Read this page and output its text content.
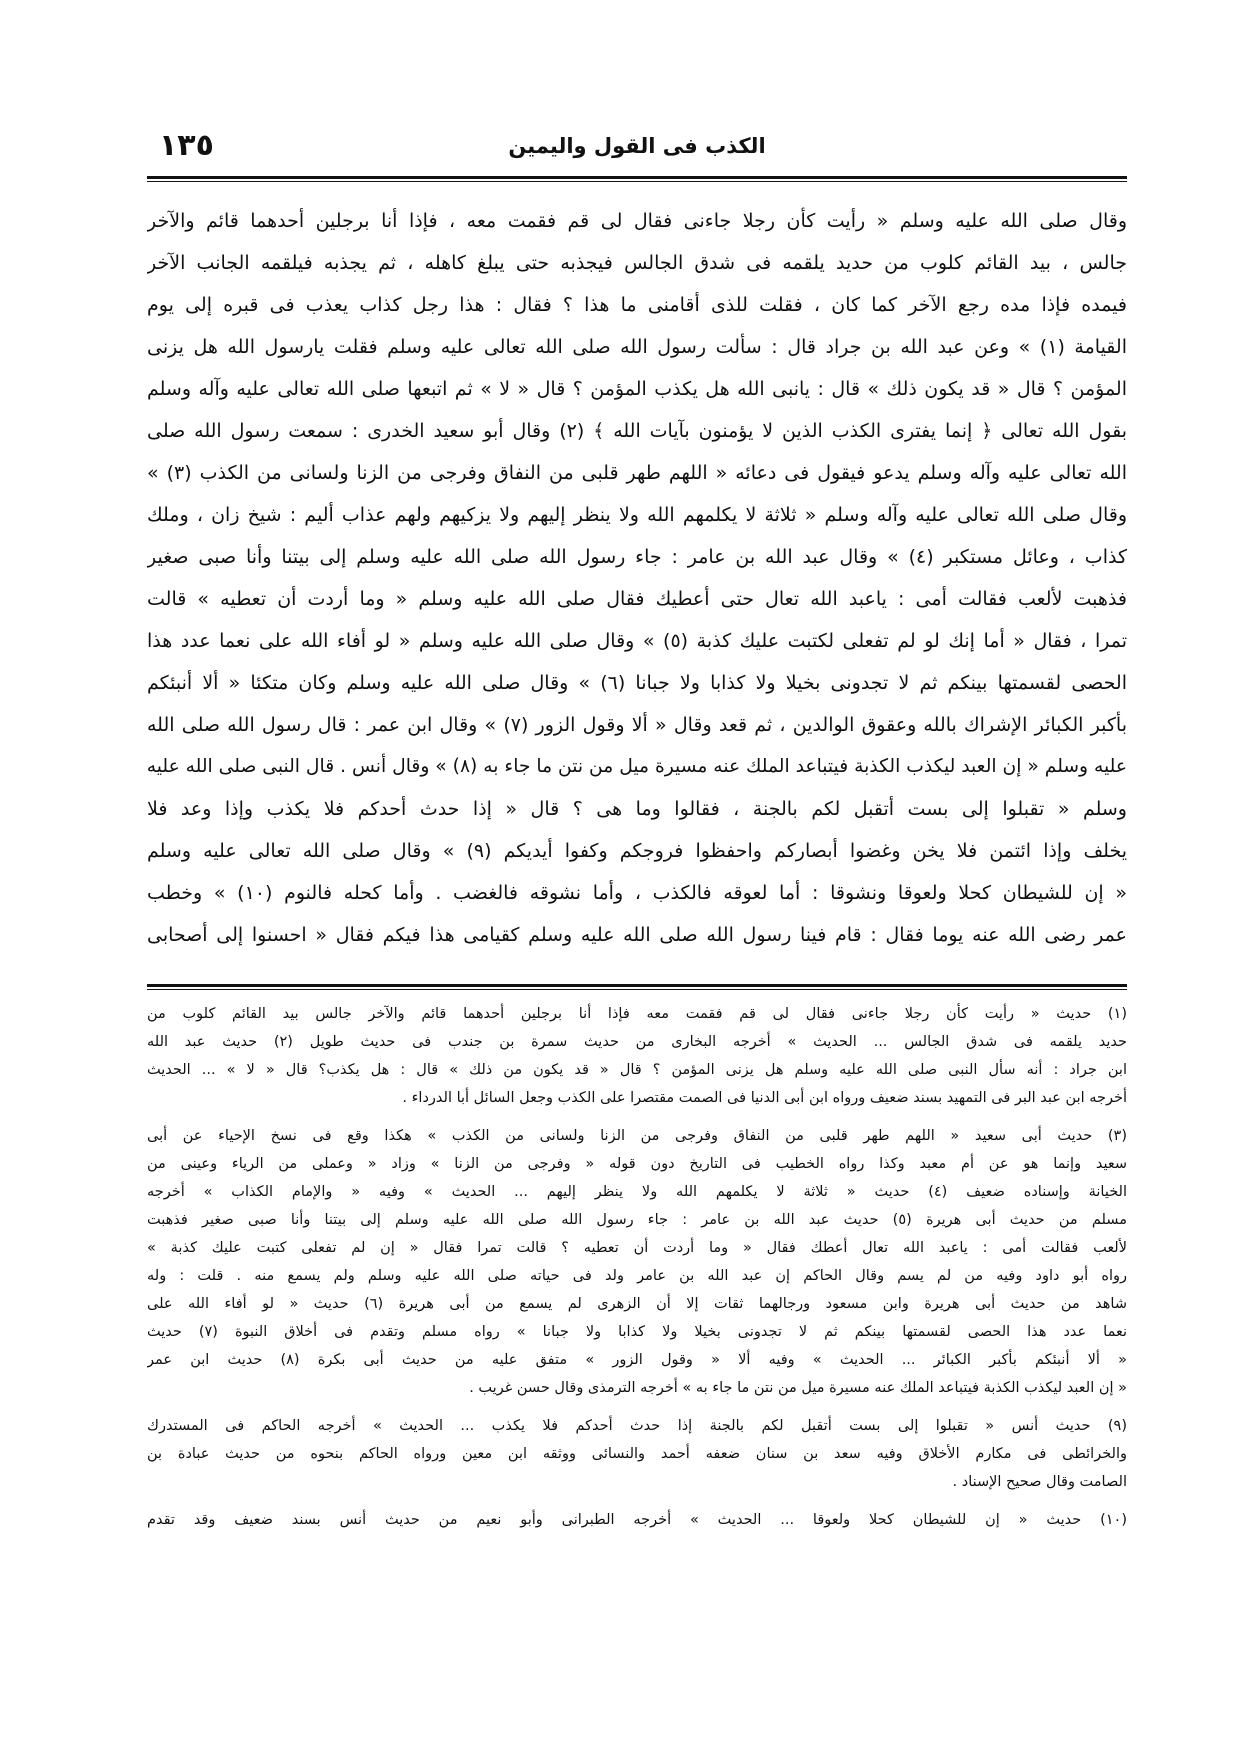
١٣٥	الكذب فى القول واليمين
وقال صلى الله عليه وسلم « رأيت كأن رجلا جاءنى فقال لى قم فقمت معه ، فإذا أنا برجلين أحدهما قائم والآخر
جالس ، بيد القائم كلوب من حديد يلقمه فى شدق الجالس فيجذبه حتى يبلغ كاهله ، ثم يجذبه فيلقمه الجانب الآخر
فيمده فإذا مده رجع الآخر كما كان ، فقلت للذى أقامنى ما هذا ؟ فقال : هذا رجل كذاب يعذب فى قبره إلى يوم
القيامة (١) » وعن عبد الله بن جراد قال : سألت رسول الله صلى الله تعالى عليه وسلم فقلت يارسول الله هل يزنى
المؤمن ؟ قال « قد يكون ذلك » قال : يانبى الله هل يكذب المؤمن ؟ قال « لا » ثم اتبعها صلى الله تعالى عليه وآله وسلم
بقول الله تعالى ﴿ إنما يفترى الكذب الذين لا يؤمنون بآيات الله ﴾ (٢) وقال أبو سعيد الخدرى : سمعت رسول الله صلى
الله تعالى عليه وآله وسلم يدعو فيقول فى دعائه « اللهم طهر قلبى من النفاق وفرجى من الزنا ولسانى من الكذب (٣) »
وقال صلى الله تعالى عليه وآله وسلم « ثلاثة لا يكلمهم الله ولا ينظر إليهم ولا يزكيهم ولهم عذاب أليم : شيخ زان ، وملك
كذاب ، وعائل مستكبر (٤) » وقال عبد الله بن عامر : جاء رسول الله صلى الله عليه وسلم إلى بيتنا وأنا صبى صغير
فذهبت لألعب فقالت أمى : ياعبد الله تعال حتى أعطيك فقال صلى الله عليه وسلم « وما أردت أن تعطيه » قالت
تمرا ، فقال « أما إنك لو لم تفعلى لكتبت عليك كذبة (٥) » وقال صلى الله عليه وسلم « لو أفاء الله على نعما عدد هذا
الحصى لقسمتها بينكم ثم لا تجدونى بخيلا ولا كذابا ولا جبانا (٦) » وقال صلى الله عليه وسلم وكان متكئا « ألا أنبئكم
بأكبر الكبائر الإشراك بالله وعقوق الوالدين ، ثم قعد وقال « ألا وقول الزور (٧) » وقال ابن عمر : قال رسول الله صلى الله
عليه وسلم « إن العبد ليكذب الكذبة فيتباعد الملك عنه مسيرة ميل من نتن ما جاء به (٨) » وقال أنس . قال النبى صلى الله عليه
وسلم « تقبلوا إلى بست أتقبل لكم بالجنة ، فقالوا وما هى ؟ قال « إذا حدث أحدكم فلا يكذب وإذا وعد فلا
يخلف وإذا ائتمن فلا يخن وغضوا أبصاركم واحفظوا فروجكم وكفوا أيديكم (٩) » وقال صلى الله تعالى عليه وسلم
« إن للشيطان كحلا ولعوقا ونشوقا : أما لعوقه فالكذب ، وأما نشوقه فالغضب . وأما كحله فالنوم (١٠) » وخطب
عمر رضى الله عنه يوما فقال : قام فينا رسول الله صلى الله عليه وسلم كقيامى هذا فيكم فقال « احسنوا إلى أصحابى
(١) حديث « رأيت كأن رجلا جاءنى فقال لى قم فقمت معه فإذا أنا برجلين أحدهما قائم والآخر جالس بيد القائم كلوب من
حديد يلقمه فى شدق الجالس ... الحديث » أخرجه البخارى من حديث سمرة بن جندب فى حديث طويل (٢) حديث عبد الله
ابن جراد : أنه سأل النبى صلى الله عليه وسلم هل يزنى المؤمن ؟ قال « قد يكون من ذلك » قال : هل يكذب؟ قال « لا » ... الحديث
أخرجه ابن عبد البر فى التمهيد بسند ضعيف ورواه ابن أبى الدنيا فى الصمت مقتصرا على الكذب وجعل السائل أبا الدرداء .
(٣) حديث أبى سعيد « اللهم طهر قلبى من النفاق وفرجى من الزنا ولسانى من الكذب » هكذا وقع فى نسخ الإحياء عن أبى
سعيد وإنما هو عن أم معبد وكذا رواه الخطيب فى التاريخ دون قوله « وفرجى من الزنا » وزاد « وعملى من الرياء وعينى من
الخيانة وإسناده ضعيف (٤) حديث « ثلاثة لا يكلمهم الله ولا ينظر إليهم ... الحديث » وفيه « والإمام الكذاب » أخرجه
مسلم من حديث أبى هريرة (٥) حديث عبد الله بن عامر : جاء رسول الله صلى الله عليه وسلم إلى بيتنا وأنا صبى صغير فذهبت
لألعب فقالت أمى : ياعبد الله تعال أعطك فقال « وما أردت أن تعطيه ؟ قالت تمرا فقال « إن لم تفعلى كتبت عليك كذبة »
رواه أبو داود وفيه من لم يسم وقال الحاكم إن عبد الله بن عامر ولد فى حياته صلى الله عليه وسلم ولم يسمع منه . قلت : وله
شاهد من حديث أبى هريرة وابن مسعود ورجالهما ثقات إلا أن الزهرى لم يسمع من أبى هريرة (٦) حديث « لو أفاء الله على
نعما عدد هذا الحصى لقسمتها بينكم ثم لا تجدونى بخيلا ولا كذابا ولا جبانا » رواه مسلم وتقدم فى أخلاق النبوة (٧) حديث
« ألا أنبئكم بأكبر الكبائر ... الحديث » وفيه ألا « وقول الزور » متفق عليه من حديث أبى بكرة (٨) حديث ابن عمر
« إن العبد ليكذب الكذبة فيتباعد الملك عنه مسيرة ميل من نتن ما جاء به » أخرجه الترمذى وقال حسن غريب .
(٩) حديث أنس « تقبلوا إلى بست أتقبل لكم بالجنة إذا حدث أحدكم فلا يكذب ... الحديث » أخرجه الحاكم فى المستدرك
والخرائطى فى مكارم الأخلاق وفيه سعد بن سنان ضعفه أحمد والنسائى ووثقه ابن معين ورواه الحاكم بنحوه من حديث عبادة بن
الصامت وقال صحيح الإسناد .
(١٠) حديث « إن للشيطان كحلا ولعوقا ... الحديث » أخرجه الطبرانى وأبو نعيم من حديث أنس بسند ضعيف وقد تقدم
